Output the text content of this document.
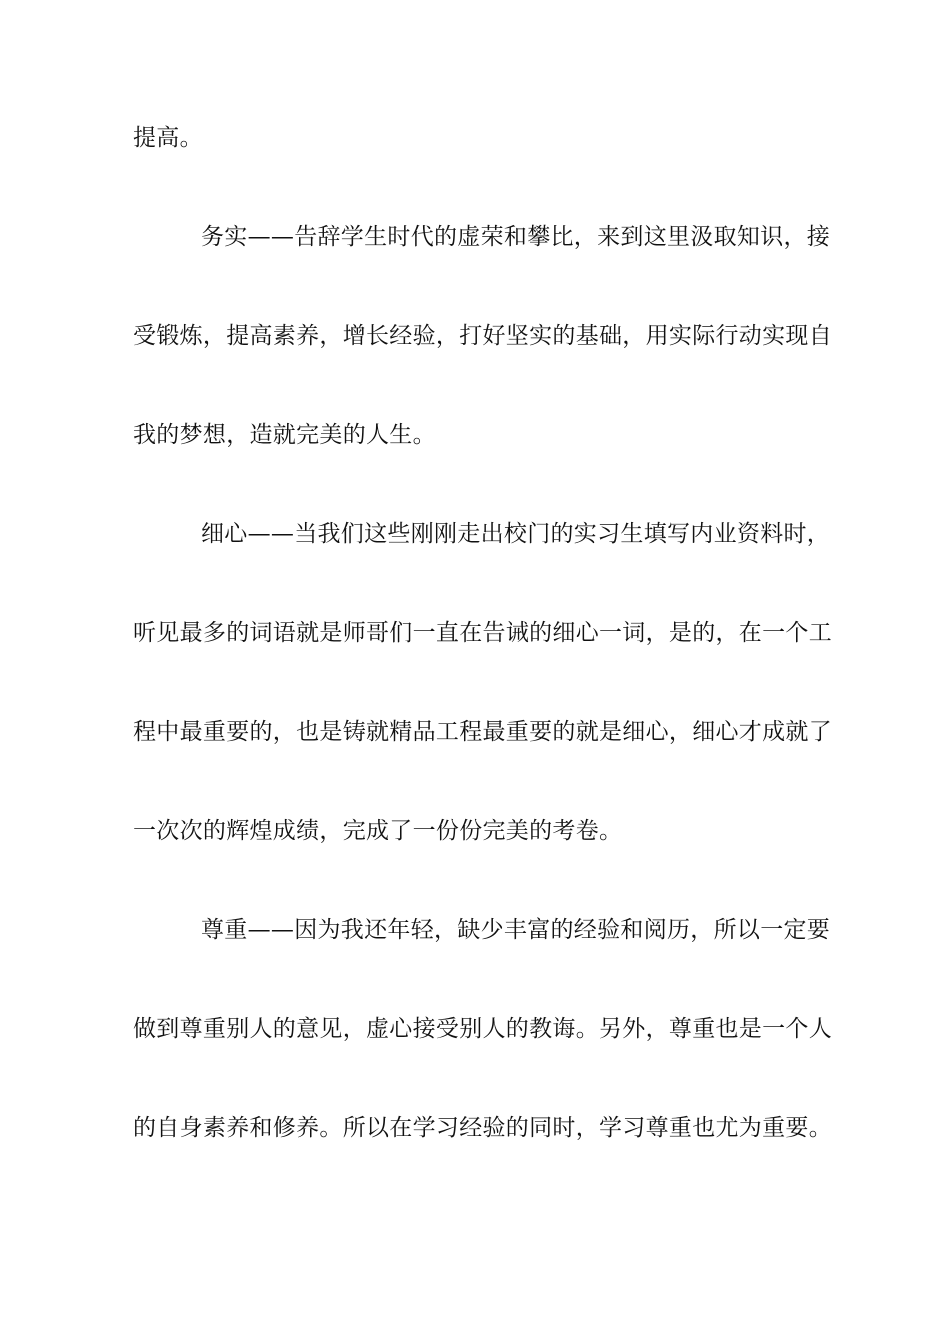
提高。

务实——告辞学生时代的虚荣和攀比，来到这里汲取知识，接
受锻炼，提高素养，增长经验，打好坚实的基础，用实际行动实现自
我的梦想，造就完美的人生。

细心——当我们这些刚刚走出校门的实习生填写内业资料时，
听见最多的词语就是师哥们一直在告诫的细心一词，是的，在一个工
程中最重要的，也是铸就精品工程最重要的就是细心，细心才成就了
一次次的辉煌成绩，完成了一份份完美的考卷。

尊重——因为我还年轻，缺少丰富的经验和阅历，所以一定要
做到尊重别人的意见，虚心接受别人的教诲。另外，尊重也是一个人
的自身素养和修养。所以在学习经验的同时，学习尊重也尤为重要。
